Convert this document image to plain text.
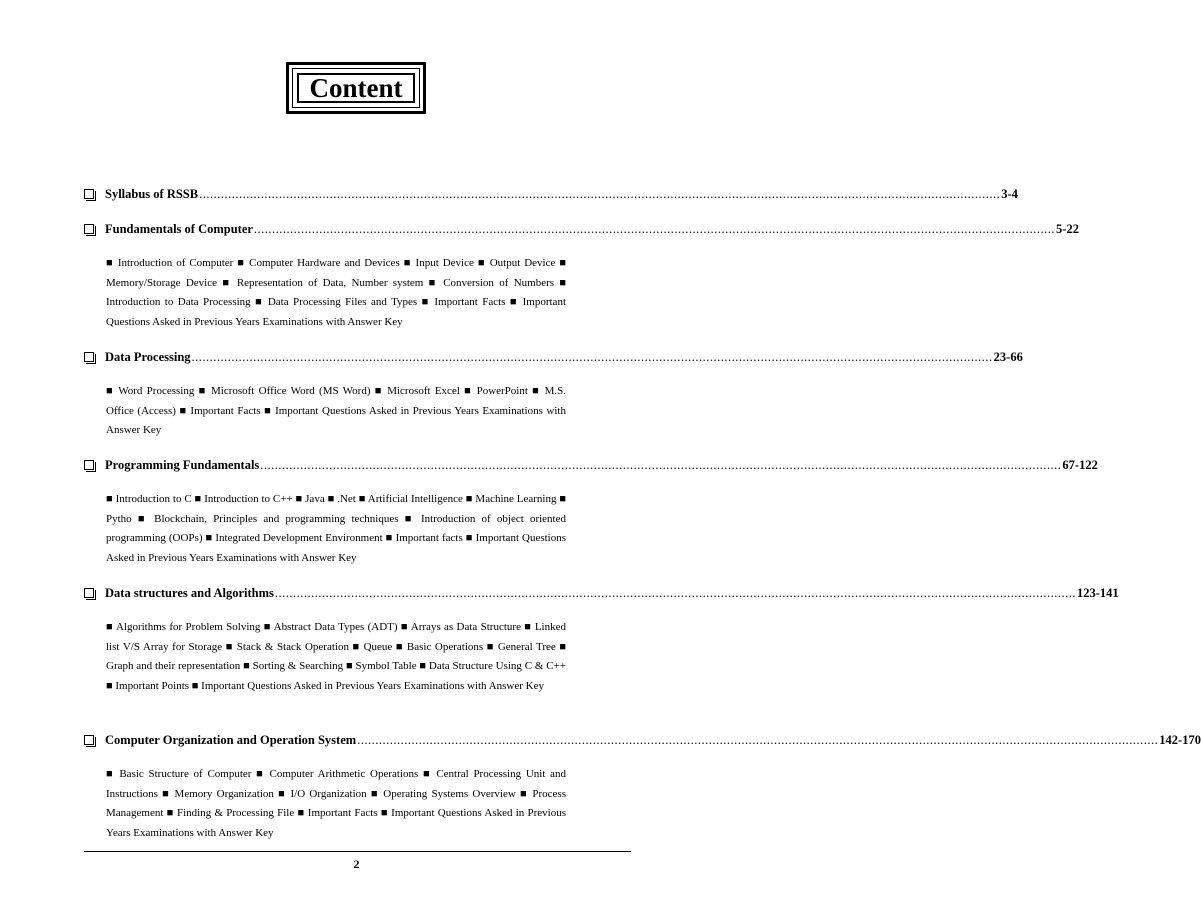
Content
Syllabus of RSSB ............................................................................................................................................................................................................................. 3-4
Fundamentals of Computer ............................................................................................................................................................................................................................. 5-22
■ Introduction of Computer ■ Computer Hardware and Devices ■ Input Device ■ Output Device ■ Memory/Storage Device ■ Representation of Data, Number system ■ Conversion of Numbers ■ Introduction to Data Processing ■ Data Processing Files and Types ■ Important Facts ■ Important Questions Asked in Previous Years Examinations with Answer Key
Data Processing ............................................................................................................................................................................................................................. 23-66
■ Word Processing ■ Microsoft Office Word (MS Word) ■ Microsoft Excel ■ PowerPoint ■ M.S. Office (Access) ■ Important Facts ■ Important Questions Asked in Previous Years Examinations with Answer Key
Programming Fundamentals ............................................................................................................................................................................................................................. 67-122
■ Introduction to C ■ Introduction to C++ ■ Java ■ .Net ■ Artificial Intelligence ■ Machine Learning ■ Pytho ■ Blockchain, Principles and programming techniques ■ Introduction of object oriented programming (OOPs) ■ Integrated Development Environment ■ Important facts ■ Important Questions Asked in Previous Years Examinations with Answer Key
Data structures and Algorithms ............................................................................................................................................................................................................................. 123-141
■ Algorithms for Problem Solving ■ Abstract Data Types (ADT) ■ Arrays as Data Structure ■ Linked list V/S Array for Storage ■ Stack & Stack Operation ■ Queue ■ Basic Operations ■ General Tree ■ Graph and their representation ■ Sorting & Searching ■ Symbol Table ■ Data Structure Using C & C++ ■ Important Points ■ Important Questions Asked in Previous Years Examinations with Answer Key
Computer Organization and Operation System ............................................................................................................................................................................................................................. 142-170
■ Basic Structure of Computer ■ Computer Arithmetic Operations ■ Central Processing Unit and Instructions ■ Memory Organization ■ I/O Organization ■ Operating Systems Overview ■ Process Management ■ Finding & Processing File ■ Important Facts ■ Important Questions Asked in Previous Years Examinations with Answer Key
2
